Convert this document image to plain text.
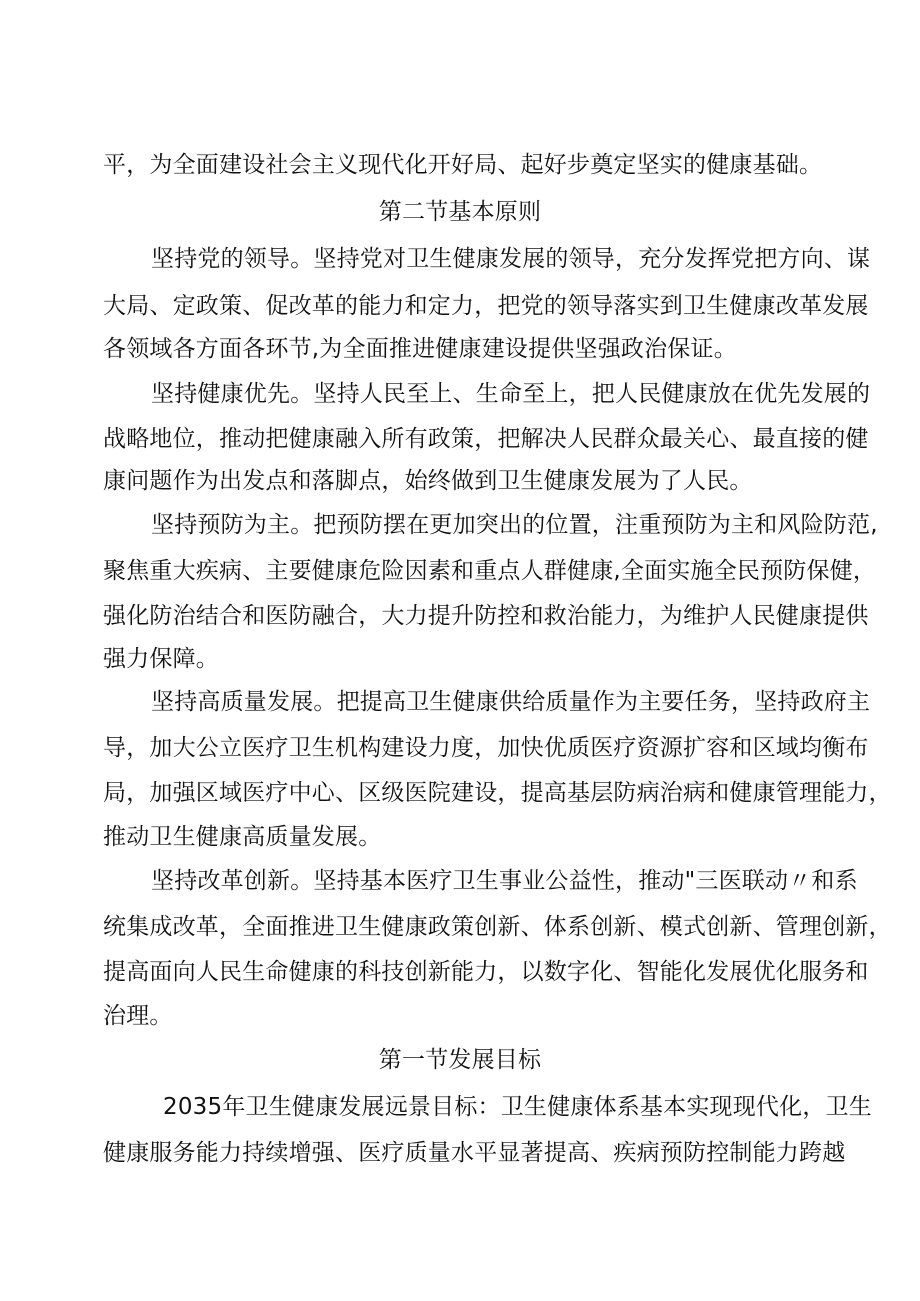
平，为全面建设社会主义现代化开好局、起好步奠定坚实的健康基础。
第二节基本原则
坚持党的领导。坚持党对卫生健康发展的领导，充分发挥党把方向、谋
大局、定政策、促改革的能力和定力，把党的领导落实到卫生健康改革发展
各领域各方面各环节,为全面推进健康建设提供坚强政治保证。
坚持健康优先。坚持人民至上、生命至上，把人民健康放在优先发展的
战略地位，推动把健康融入所有政策，把解决人民群众最关心、最直接的健
康问题作为出发点和落脚点，始终做到卫生健康发展为了人民。
坚持预防为主。把预防摆在更加突出的位置，注重预防为主和风险防范,
聚焦重大疾病、主要健康危险因素和重点人群健康,全面实施全民预防保健，
强化防治结合和医防融合，大力提升防控和救治能力，为维护人民健康提供
强力保障。
坚持高质量发展。把提高卫生健康供给质量作为主要任务，坚持政府主
导，加大公立医疗卫生机构建设力度，加快优质医疗资源扩容和区域均衡布
局，加强区域医疗中心、区级医院建设，提高基层防病治病和健康管理能力，
推动卫生健康高质量发展。
坚持改革创新。坚持基本医疗卫生事业公益性，推动"三医联动〃和系
统集成改革，全面推进卫生健康政策创新、体系创新、模式创新、管理创新，
提高面向人民生命健康的科技创新能力，以数字化、智能化发展优化服务和
治理。
第一节发展目标
2035年卫生健康发展远景目标：卫生健康体系基本实现现代化，卫生
健康服务能力持续增强、医疗质量水平显著提高、疾病预防控制能力跨越
